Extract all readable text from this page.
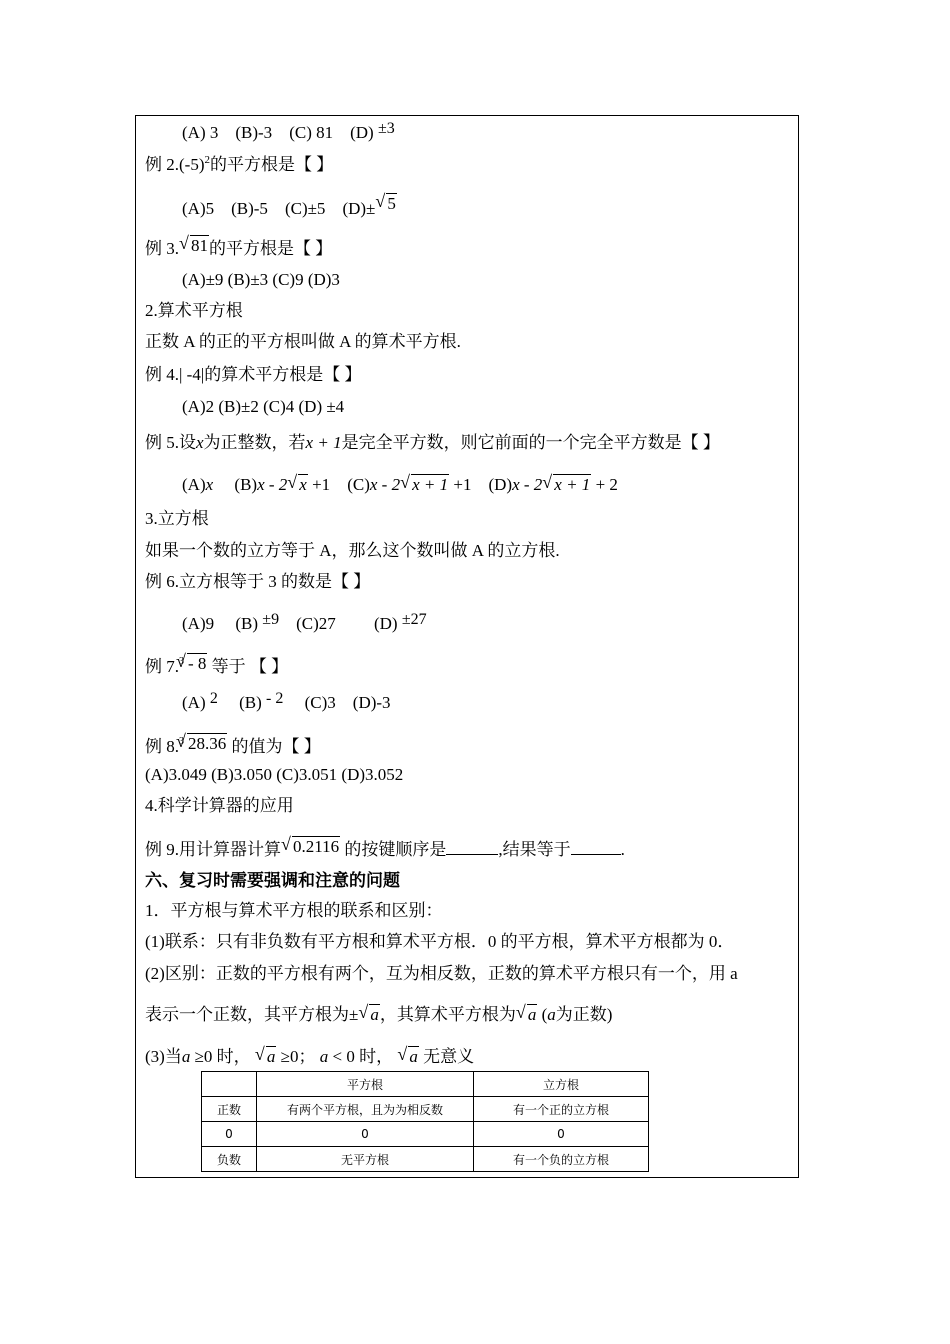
(A) 3 (B)-3 (C) 81 (D) ±3
例 $2.(-5)^2$的平方根是【 】
(A)5 (B)-5 (C)±5 (D)± √ 5
例 3. √ 81的平方根是【 】
(A)±9 (B)±3 (C)9 (D)3
2.算术平方根
正数 A 的正的平方根叫做 A 的算术平方根.
例 4.| -4|的算术平方根是【 】
(A)2 (B)±2 (C)4 (D) ±4
例 5.设x为正整数，若x + 1是完全平方数，则它前面的一个完全平方数是【 】
(A)x (B)x - 2 √ x +1 (C)x - 2 √ x + 1 +1 (D)x - 2 √ x + 1 + 2
3.立方根
如果一个数的立方等于 A，那么这个数叫做 A 的立方根.
例 6.立方根等于 3 的数是【 】
(A)9 (B) ±9 (C)27 (D) ±27
例 7.$^3$ √ - 8 等于 【 】
(A) 2 (B) - 2 (C)3 (D)-3
例 8.$^3$ √ 28.36 的值为【 】
(A)3.049 (B)3.050 (C)3.051 (D)3.052
4.科学计算器的应用
例 9.用计算器计算 √ 0.2116 的按键顺序是	,结果等于	.
六、复习时需要强调和注意的问题
1．平方根与算术平方根的联系和区别：
(1)联系：只有非负数有平方根和算术平方根．0 的平方根，算术平方根都为 0．
(2)区别：正数的平方根有两个，互为相反数，正数的算术平方根只有一个，用 a
表示一个正数，其平方根为± √ a，其算术平方根为 √ a (a为正数)
(3)当a ≥0 时， √ a ≥0； a < 0 时， √ a 无意义
	平方根	立方根
正数	有两个平方根，且为为相反数	有一个正的立方根
0	0	0
负数	无平方根	有一个负的立方根
